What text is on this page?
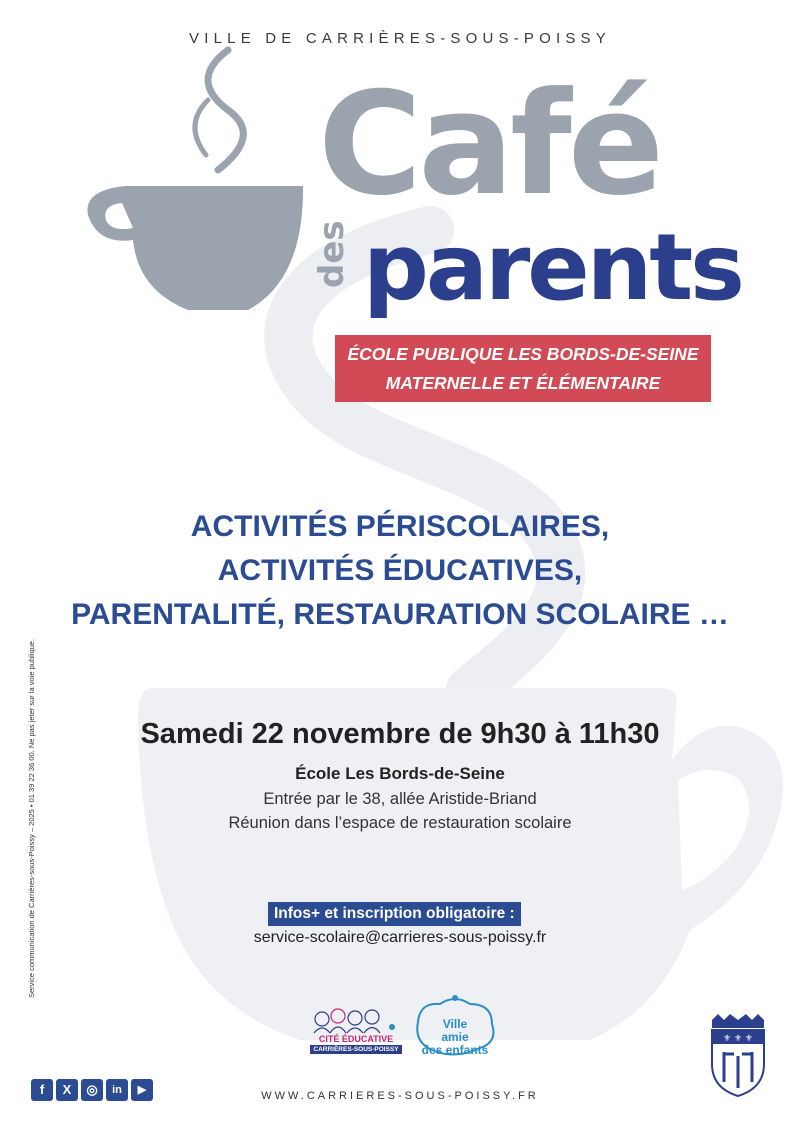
VILLE DE CARRIÈRES-SOUS-POISSY
Café
des parents
ÉCOLE PUBLIQUE LES BORDS-DE-SEINE
MATERNELLE ET ÉLÉMENTAIRE
ACTIVITÉS PÉRISCOLAIRES,
ACTIVITÉS ÉDUCATIVES,
PARENTALITÉ, RESTAURATION SCOLAIRE …
Service communication de Carrières-sous-Poissy – 2025 • 01 39 22 36 00. Ne pas jeter sur la voie publique.	Samedi 22 novembre de 9h30 à 11h30
École Les Bords-de-Seine
Entrée par le 38, allée Aristide-Briand
Réunion dans l’espace de restauration scolaire
Infos+ et inscription obligatoire :
service-scolaire@carrieres-sous-poissy.fr
CITÉ ÉDUCATIVE
CARRIÈRES-SOUS-POISSY
Ville
amie
des enfants
⚜ ⚜ ⚜
f	X	◎	in	▶	WWW.CARRIERES-SOUS-POISSY.FR
